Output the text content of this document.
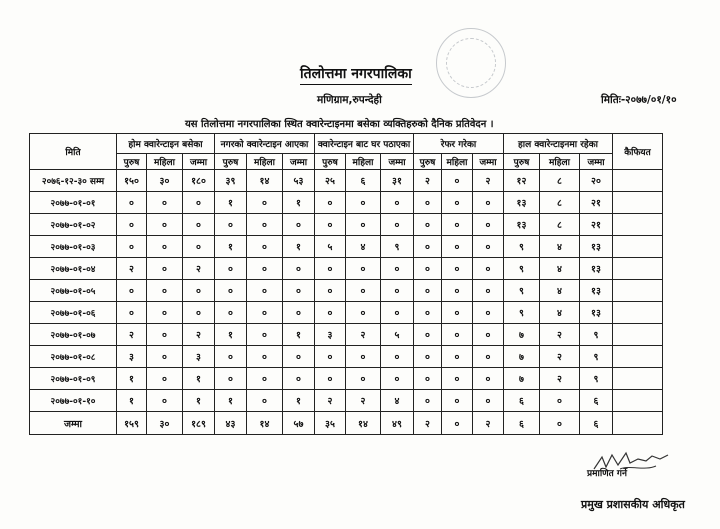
तिलोत्तमा नगरपालिका
मणिग्राम,रुपन्देही	मितिः-२०७७/०१/१०
यस तिलोत्तमा नगरपालिका स्थित क्वारेन्टाइनमा बसेका व्यक्तिहरुको दैनिक प्रतिवेदन ।
मिति	होम क्वारेन्टाइन बसेका			नगरको क्वारेन्टाइन आएका			क्वारेन्टाइन बाट घर पठाएका			रेफर गरेका			हाल क्वारेन्टाइनमा रहेका			कैफियत
	पुरुष	महिला	जम्मा	पुरुष	महिला	जम्मा	पुरुष	महिला	जम्मा	पुरुष	महिला	जम्मा	पुरुष	महिला	जम्मा	
२०७६-१२-३० सम्म	१५०	३०	१८०	३९	१४	५३	२५	६	३१	२	०	२	१२	८	२०	
२०७७-०१-०१	०	०	०	१	०	१	०	०	०	०	०	०	१३	८	२१	
२०७७-०१-०२	०	०	०	०	०	०	०	०	०	०	०	०	१३	८	२१	
२०७७-०१-०३	०	०	०	१	०	१	५	४	९	०	०	०	९	४	१३	
२०७७-०१-०४	२	०	२	०	०	०	०	०	०	०	०	०	९	४	१३	
२०७७-०१-०५	०	०	०	०	०	०	०	०	०	०	०	०	९	४	१३	
२०७७-०१-०६	०	०	०	०	०	०	०	०	०	०	०	०	९	४	१३	
२०७७-०१-०७	२	०	२	१	०	१	३	२	५	०	०	०	७	२	९	
२०७७-०१-०८	३	०	३	०	०	०	०	०	०	०	०	०	७	२	९	
२०७७-०१-०९	१	०	१	०	०	०	०	०	०	०	०	०	७	२	९	
२०७७-०१-१०	१	०	१	१	०	१	२	२	४	०	०	०	६	०	६	
जम्मा	१५९	३०	१८९	४३	१४	५७	३५	१४	४९	२	०	२	६	०	६	
प्रमाणित गर्ने
प्रमुख प्रशासकीय अधिकृत
